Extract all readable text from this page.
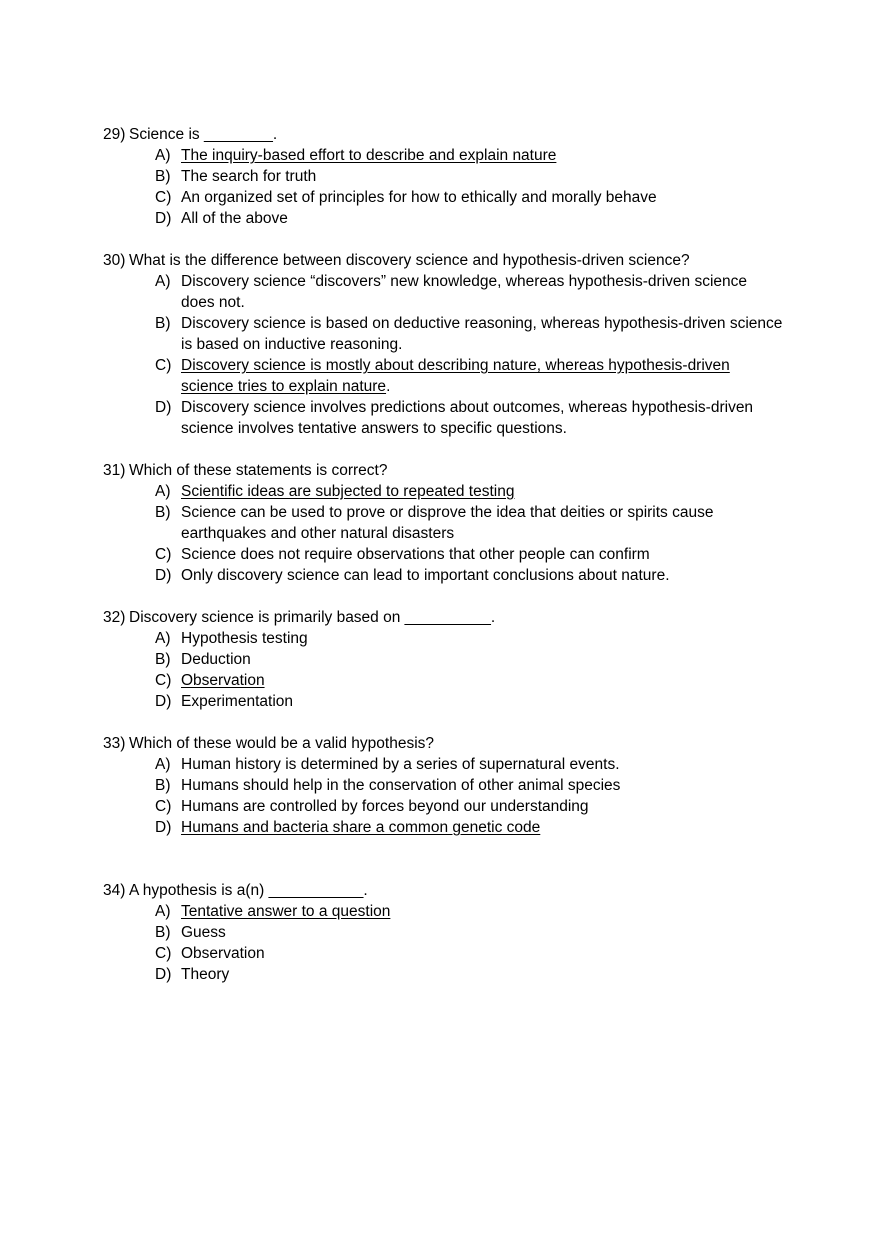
29) Science is ________.
A) The inquiry-based effort to describe and explain nature
B) The search for truth
C) An organized set of principles for how to ethically and morally behave
D) All of the above
30) What is the difference between discovery science and hypothesis-driven science?
A) Discovery science “discovers” new knowledge, whereas hypothesis-driven science does not.
B) Discovery science is based on deductive reasoning, whereas hypothesis-driven science is based on inductive reasoning.
C) Discovery science is mostly about describing nature, whereas hypothesis-driven science tries to explain nature.
D) Discovery science involves predictions about outcomes, whereas hypothesis-driven science involves tentative answers to specific questions.
31) Which of these statements is correct?
A) Scientific ideas are subjected to repeated testing
B) Science can be used to prove or disprove the idea that deities or spirits cause earthquakes and other natural disasters
C) Science does not require observations that other people can confirm
D) Only discovery science can lead to important conclusions about nature.
32) Discovery science is primarily based on __________.
A) Hypothesis testing
B) Deduction
C) Observation
D) Experimentation
33) Which of these would be a valid hypothesis?
A) Human history is determined by a series of supernatural events.
B) Humans should help in the conservation of other animal species
C) Humans are controlled by forces beyond our understanding
D) Humans and bacteria share a common genetic code
34) A hypothesis is a(n) ___________.
A) Tentative answer to a question
B) Guess
C) Observation
D) Theory
